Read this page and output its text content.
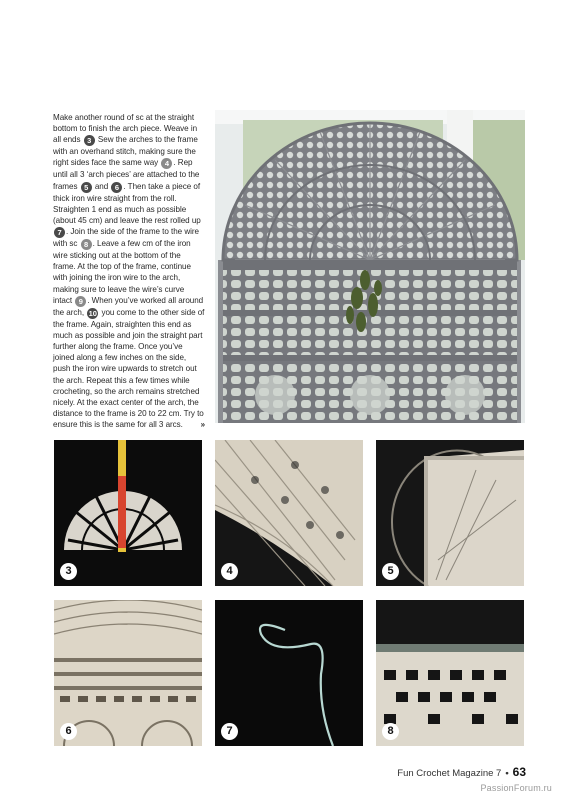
Make another round of sc at the straight bottom to finish the arch piece. Weave in all ends 3 Sew the arches to the frame with an overhand stitch, making sure the right sides face the same way 4 . Rep until all 3 ‘arch pieces’ are attached to the frames 5 and 6 . Then take a piece of thick iron wire straight from the roll. Straighten 1 end as much as possible (about 45 cm) and leave the rest rolled up 7 . Join the side of the frame to the wire with sc 8 . Leave a few cm of the iron wire sticking out at the bottom of the frame. At the top of the frame, continue with joining the iron wire to the arch, making sure to leave the wire’s curve intact 9 . When you’ve worked all around the arch, 10 you come to the other side of the frame. Again, straighten this end as much as possible and join the straight part further along the frame. Once you’ve joined along a few inches on the side, push the iron wire upwards to stretch out the arch. Repeat this a few times while crocheting, so the arch remains stretched nicely. At the exact center of the arch, the distance to the frame is 20 to 22 cm. Try to ensure this is the same for all 3 arcs. »
3	4	5
6	7	8
Fun Crochet Magazine 7 • 63
PassionForum.ru
